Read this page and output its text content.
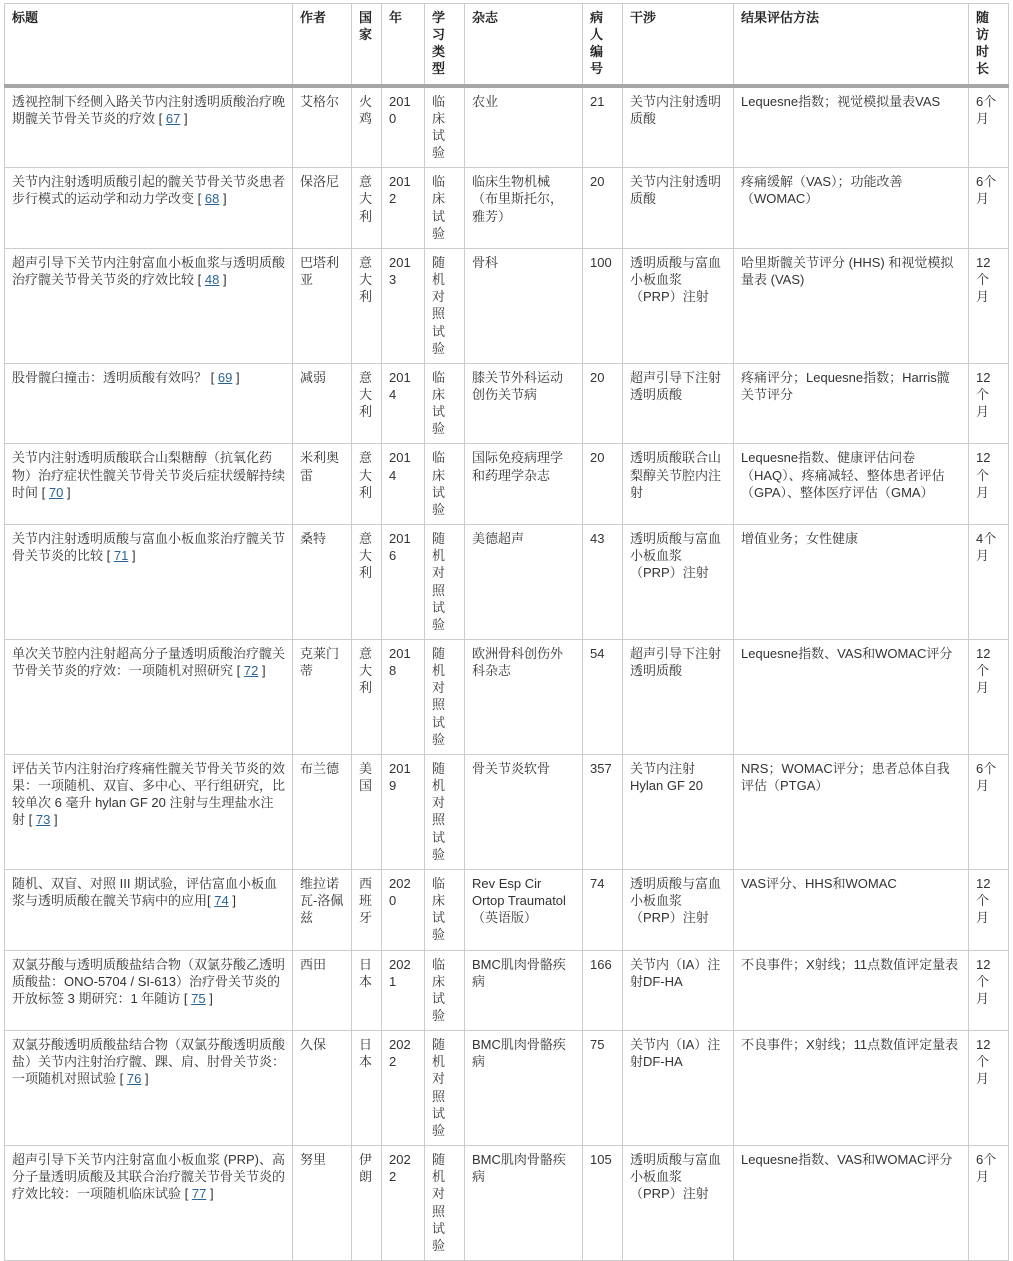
标题	作者	国家	年	学习类型	杂志	病人编号	干涉	结果评估方法	随访时长
透视控制下经侧入路关节内注射透明质酸治疗晚期髋关节骨关节炎的疗效 [ 67 ]	艾格尔	火鸡	2010	临床试验	农业	21	关节内注射透明质酸	Lequesne指数；视觉模拟量表VAS	6个月
关节内注射透明质酸引起的髋关节骨关节炎患者步行模式的运动学和动力学改变 [ 68 ]	保洛尼	意大利	2012	临床试验	临床生物机械（布里斯托尔，雅芳）	20	关节内注射透明质酸	疼痛缓解（VAS）；功能改善（WOMAC）	6个月
超声引导下关节内注射富血小板血浆与透明质酸治疗髋关节骨关节炎的疗效比较 [ 48 ]	巴塔利亚	意大利	2013	随机对照试验	骨科	100	透明质酸与富血小板血浆（PRP）注射	哈里斯髋关节评分 (HHS) 和视觉模拟量表 (VAS)	12个月
股骨髋臼撞击：透明质酸有效吗？ [ 69 ]	减弱	意大利	2014	临床试验	膝关节外科运动创伤关节病	20	超声引导下注射透明质酸	疼痛评分；Lequesne指数；Harris髋关节评分	12个月
关节内注射透明质酸联合山梨糖醇（抗氧化药物）治疗症状性髋关节骨关节炎后症状缓解持续时间 [ 70 ]	米利奥雷	意大利	2014	临床试验	国际免疫病理学和药理学杂志	20	透明质酸联合山梨醇关节腔内注射	Lequesne指数、健康评估问卷（HAQ）、疼痛减轻、整体患者评估（GPA）、整体医疗评估（GMA）	12个月
关节内注射透明质酸与富血小板血浆治疗髋关节骨关节炎的比较 [ 71 ]	桑特	意大利	2016	随机对照试验	美德超声	43	透明质酸与富血小板血浆（PRP）注射	增值业务；女性健康	4个月
单次关节腔内注射超高分子量透明质酸治疗髋关节骨关节炎的疗效：一项随机对照研究 [ 72 ]	克莱门蒂	意大利	2018	随机对照试验	欧洲骨科创伤外科杂志	54	超声引导下注射透明质酸	Lequesne指数、VAS和WOMAC评分	12个月
评估关节内注射治疗疼痛性髋关节骨关节炎的效果：一项随机、双盲、多中心、平行组研究，比较单次 6 毫升 hylan GF 20 注射与生理盐水注射 [ 73 ]	布兰德	美国	2019	随机对照试验	骨关节炎软骨	357	关节内注射Hylan GF 20	NRS；WOMAC评分；患者总体自我评估（PTGA）	6个月
随机、双盲、对照 III 期试验，评估富血小板血浆与透明质酸在髋关节病中的应用[ 74 ]	维拉诺瓦-洛佩兹	西班牙	2020	临床试验	Rev Esp Cir Ortop Traumatol（英语版）	74	透明质酸与富血小板血浆（PRP）注射	VAS评分、HHS和WOMAC	12个月
双氯芬酸与透明质酸盐结合物（双氯芬酸乙透明质酸盐：ONO-5704 / SI-613）治疗骨关节炎的开放标签 3 期研究：1 年随访 [ 75 ]	西田	日本	2021	临床试验	BMC肌肉骨骼疾病	166	关节内（IA）注射DF-HA	不良事件；X射线；11点数值评定量表	12个月
双氯芬酸透明质酸盐结合物（双氯芬酸透明质酸盐）关节内注射治疗髋、踝、肩、肘骨关节炎：一项随机对照试验 [ 76 ]	久保	日本	2022	随机对照试验	BMC肌肉骨骼疾病	75	关节内（IA）注射DF-HA	不良事件；X射线；11点数值评定量表	12个月
超声引导下关节内注射富血小板血浆 (PRP)、高分子量透明质酸及其联合治疗髋关节骨关节炎的疗效比较：一项随机临床试验 [ 77 ]	努里	伊朗	2022	随机对照试验	BMC肌肉骨骼疾病	105	透明质酸与富血小板血浆（PRP）注射	Lequesne指数、VAS和WOMAC评分	6个月
